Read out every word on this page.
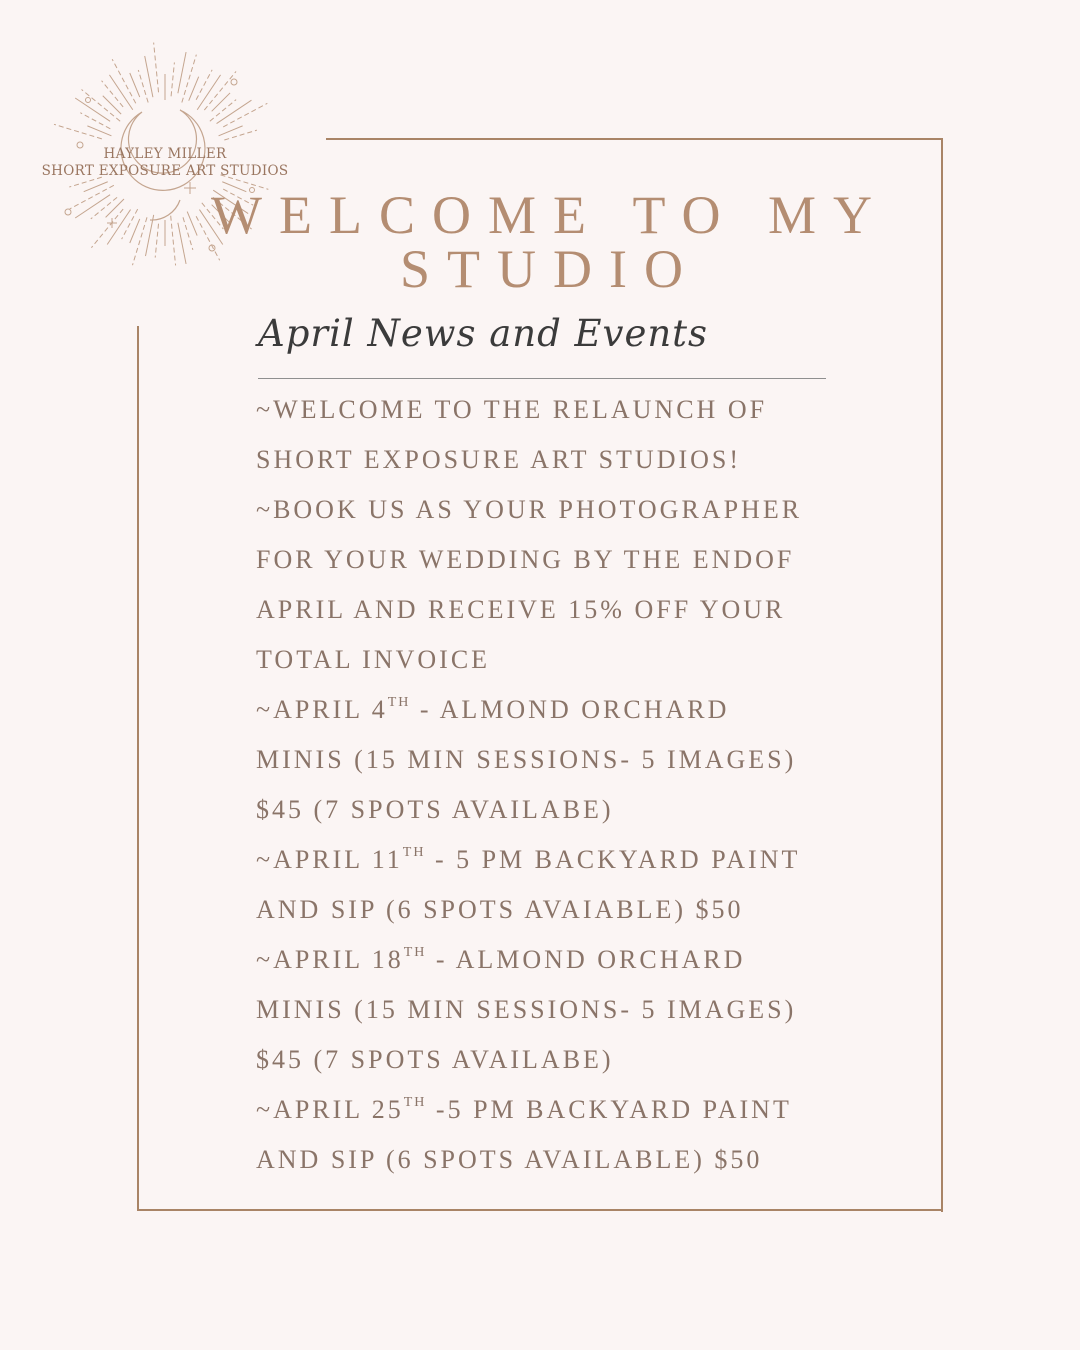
HAYLEY MILLER
SHORT EXPOSURE ART STUDIOS
WELCOME TO MY
STUDIO
April News and Events
~WELCOME TO THE RELAUNCH OF
SHORT EXPOSURE ART STUDIOS!
~BOOK US AS YOUR PHOTOGRAPHER
FOR YOUR WEDDING BY THE ENDOF
APRIL AND RECEIVE 15% OFF YOUR
TOTAL INVOICE
~APRIL 4TH - ALMOND ORCHARD
MINIS (15 MIN SESSIONS- 5 IMAGES)
$45 (7 SPOTS AVAILABE)
~APRIL 11TH - 5 PM BACKYARD PAINT
AND SIP (6 SPOTS AVAIABLE) $50
~APRIL 18TH - ALMOND ORCHARD
MINIS (15 MIN SESSIONS- 5 IMAGES)
$45 (7 SPOTS AVAILABE)
~APRIL 25TH -5 PM BACKYARD PAINT
AND SIP (6 SPOTS AVAILABLE) $50
